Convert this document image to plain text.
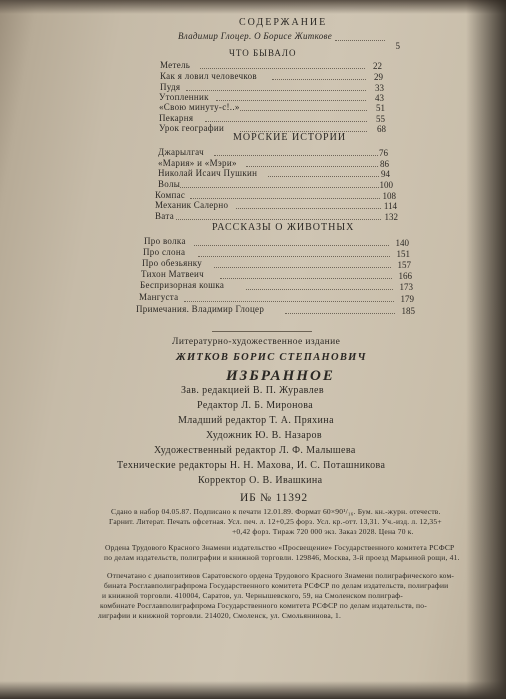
СОДЕРЖАНИЕ
Владимир Глоцер. О Борисе Житкове
5
ЧТО БЫВАЛО
Метель	22
Как я ловил человечков	29
Пудя	33
Утопленник	43
«Свою минуту-с!..»	51
Пекарня	55
Урок географии	68
МОРСКИЕ ИСТОРИИ
Джарылгач	76
«Мария» и «Мэри»	86
Николай Исаич Пушкин	94
Волы	100
Компас	108
Механик Салерно	114
Вата	132
РАССКАЗЫ О ЖИВОТНЫХ
Про волка	140
Про слона	151
Про обезьянку	157
Тихон Матвеич	166
Беспризорная кошка	173
Мангуста	179
Примечания. Владимир Глоцер	185
Литературно-художественное издание
ЖИТКОВ БОРИС СТЕПАНОВИЧ
ИЗБРАННОЕ
Зав. редакцией В. П. Журавлев
Редактор Л. Б. Миронова
Младший редактор Т. А. Пряхина
Художник Ю. В. Назаров
Художественный редактор Л. Ф. Малышева
Технические редакторы Н. Н. Махова, И. С. Поташникова
Корректор О. В. Ивашкина
ИБ № 11392
Сдано в набор 04.05.87. Подписано к печати 12.01.89. Формат 60×90¹/₁₆. Бум. кн.-журн. отечеств.
Гарнит. Литерат. Печать офсетная. Усл. печ. л. 12+0,25 форз. Усл. кр.-отт. 13,31. Уч.-изд. л. 12,35+
+0,42 форз. Тираж 720 000 экз. Заказ 2028. Цена 70 к.
Ордена Трудового Красного Знамени издательство «Просвещение» Государственного комитета РСФСР
по делам издательств, полиграфии и книжной торговли. 129846, Москва, 3-й проезд Марьиной рощи, 41.
Отпечатано с диапозитивов Саратовского ордена Трудового Красного Знамени полиграфического ком-
бината Росглавполиграфпрома Государственного комитета РСФСР по делам издательств, полиграфии
и книжной торговли. 410004, Саратов, ул. Чернышевского, 59, на Смоленском полиграф-
комбинате Росглавполиграфпрома Государственного комитета РСФСР по делам издательств, по-
лиграфии и книжной торговли. 214020, Смоленск, ул. Смольянинова, 1.
